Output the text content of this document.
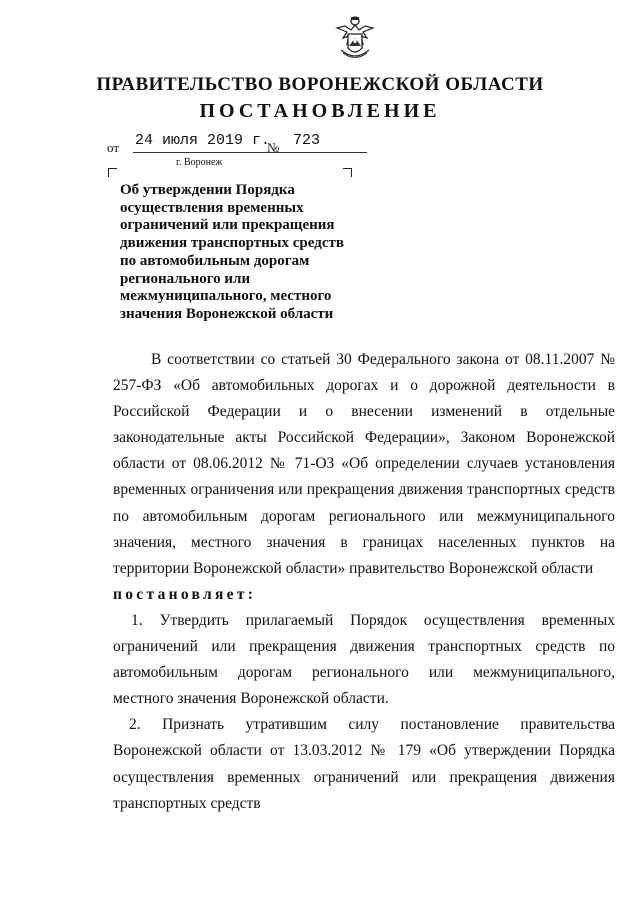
ПРАВИТЕЛЬСТВО ВОРОНЕЖСКОЙ ОБЛАСТИ
ПОСТАНОВЛЕНИЕ
от 24 июля 2019 г.
№ 723
г. Воронеж
Об утверждении Порядка осуществления временных ограничений или прекращения движения транспортных средств по автомобильным дорогам регионального или межмуниципального, местного значения Воронежской области

В соответствии со статьей 30 Федерального закона от 08.11.2007 № 257-ФЗ «Об автомобильных дорогах и о дорожной деятельности в Российской Федерации и о внесении изменений в отдельные законодательные акты Российской Федерации», Законом Воронежской области от 08.06.2012 № 71-ОЗ «Об определении случаев установления временных ограничения или прекращения движения транспортных средств по автомобильным дорогам регионального или межмуниципального значения, местного значения в границах населенных пунктов на территории Воронежской области» правительство Воронежской области

постановляет:

1. Утвердить прилагаемый Порядок осуществления временных ограничений или прекращения движения транспортных средств по автомобильным дорогам регионального или межмуниципального, местного значения Воронежской области.

2. Признать утратившим силу постановление правительства Воронежской области от 13.03.2012 № 179 «Об утверждении Порядка осуществления временных ограничений или прекращения движения транспортных средств
